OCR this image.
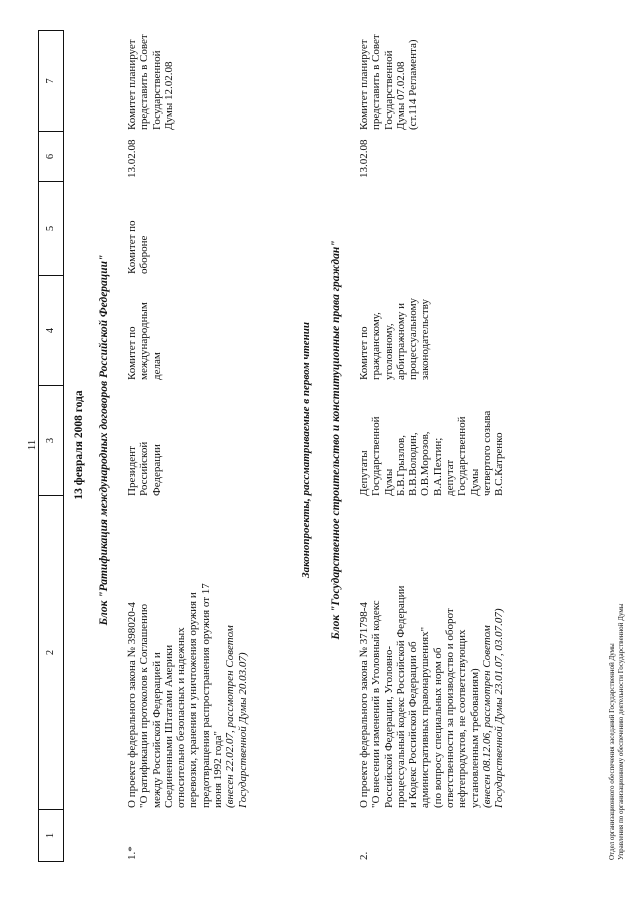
11
1
2
3
4
5
6
7
13 февраля 2008 года Блок "Ратификация международных договоров Российской Федерации"
1.*
О проекте федерального закона № 398020-4 "О ратификации протоколов к Соглашению между Российской Федерацией и Соединенными Штатами Америки относительно безопасных и надежных перевозки, хранения и уничтожения оружия и предотвращения распространения оружия от 17 июня 1992 года" (внесен 22.02.07, рассмотрен Советом Государственной Думы 20.03.07)
Президент Российской Федерации
Комитет по международным делам
Комитет по обороне
13.02.08
Комитет планирует представить в Совет Государственной Думы 12.02.08
Законопроекты, рассматриваемые в первом чтении Блок "Государственное строительство и конституционные права граждан"
2.
О проекте федерального закона № 371798-4 "О внесении изменений в Уголовный кодекс Российской Федерации, Уголовно- процессуальный кодекс Российской Федерации и Кодекс Российской Федерации об административных правонарушениях" (по вопросу специальных норм об ответственности за производство и оборот нефтепродуктов, не соответствующих установленным требованиям) (внесен 08.12.06, рассмотрен Советом Государственной Думы 23.01.07, 03.07.07)
Депутаты Государственной Думы Б.В.Грызлов, В.В.Володин, О.В.Морозов, В.А.Пехтин; депутат Государственной Думы четвертого созыва В.С.Катренко
Комитет по гражданскому, уголовному, арбитражному и процессуальному законодательству
13.02.08
Комитет планирует представить в Совет Государственной Думы 07.02.08 (ст.114 Регламента)
Отдел организационного обеспечения заседаний Государственной Думы Управления по организационному обеспечению деятельности Государственной Думы
